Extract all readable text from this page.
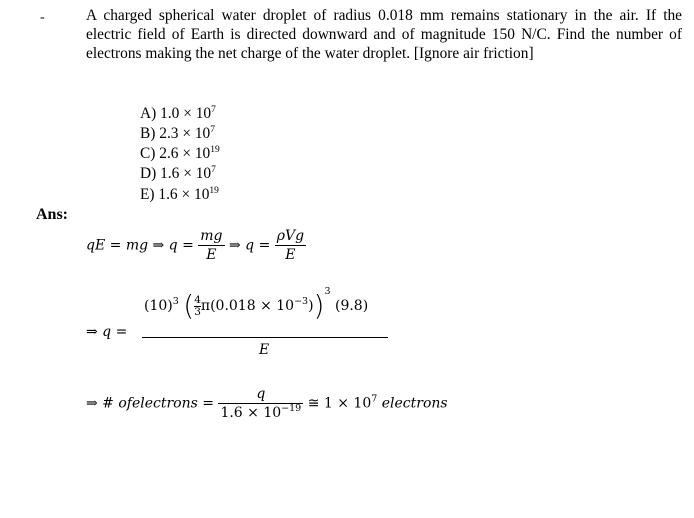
-	A charged spherical water droplet of radius 0.018 mm remains stationary in the air. If the electric field of Earth is directed downward and of magnitude 150 N/C. Find the number of electrons making the net charge of the water droplet. [Ignore air friction]
A) $1.0 \times 10^7$
B) $2.3 \times 10^7$
C) $2.6 \times 10^{19}$
D) $1.6 \times 10^7$
E) $1.6 \times 10^{19}$
Ans:
qE = mg ⇒ $q = \frac{mg}{E}$ ⇒ $q = \frac{\text{ρVg}}{E}$
⇒ q =
$(10)^3$ ( $\frac{4}{3} \pi(0.018 \times 10^{-3}))^3$ (9.8)
E
⇒ # ofelectrons = $\frac{q}{1.6 \times 10^{-19}}$ ≅ $1 \times 10^7$ electrons
